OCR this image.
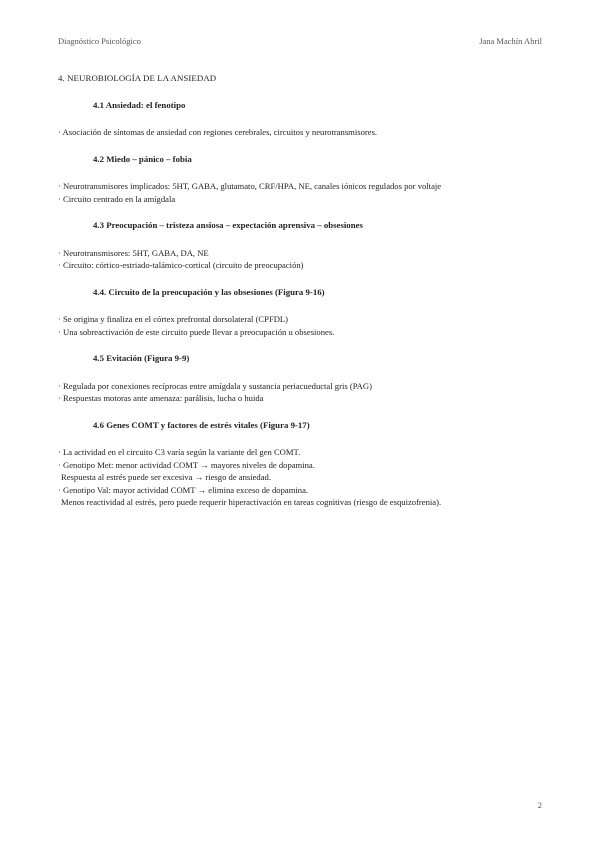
Diagnóstico Psicológico	Jana Machín Abril

4. NEUROBIOLOGÍA DE LA ANSIEDAD

4.1 Ansiedad: el fenotipo

· Asociación de síntomas de ansiedad con regiones cerebrales, circuitos y neurotransmisores.

4.2 Miedo – pánico – fobia

· Neurotransmisores implicados: 5HT, GABA, glutamato, CRF/HPA, NE, canales iónicos regulados por voltaje

· Circuito centrado en la amígdala

4.3 Preocupación – tristeza ansiosa – expectación aprensiva – obsesiones

· Neurotransmisores: 5HT, GABA, DA, NE

· Circuito: córtico-estriado-talámico-cortical (circuito de preocupación)

4.4. Circuito de la preocupación y las obsesiones (Figura 9-16)

· Se origina y finaliza en el córtex prefrontal dorsolateral (CPFDL)

· Una sobreactivación de este circuito puede llevar a preocupación u obsesiones.

4.5 Evitación (Figura 9-9)

· Regulada por conexiones recíprocas entre amígdala y sustancia periacueductal gris (PAG)

· Respuestas motoras ante amenaza: parálisis, lucha o huida

4.6 Genes COMT y factores de estrés vitales (Figura 9-17)

· La actividad en el circuito C3 varía según la variante del gen COMT.

· Genotipo Met: menor actividad COMT → mayores niveles de dopamina.

Respuesta al estrés puede ser excesiva → riesgo de ansiedad.

· Genotipo Val: mayor actividad COMT → elimina exceso de dopamina.

Menos reactividad al estrés, pero puede requerir hiperactivación en tareas cognitivas (riesgo de esquizofrenia).

2
